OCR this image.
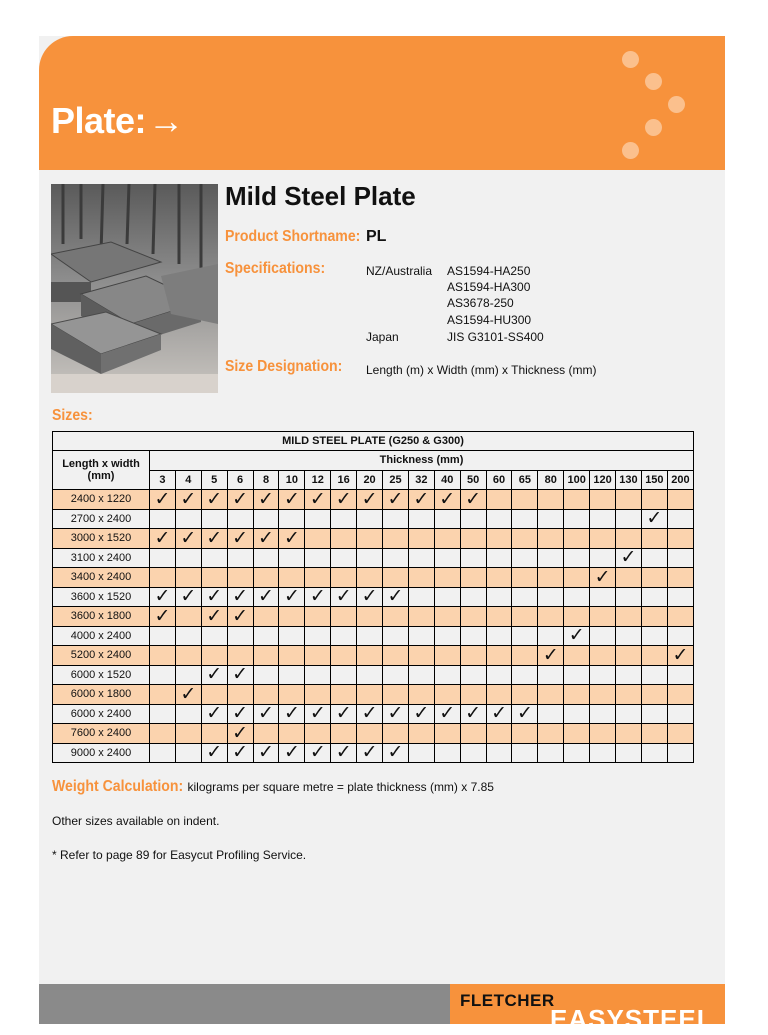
Plate:→
Mild Steel Plate
Product Shortname: PL
Specifications:	NZ/Australia AS1594-HA250
AS1594-HA300
AS3678-250
AS1594-HU300
Japan	JIS G3101-SS400
Size Designation: Length (m) x Width (mm) x Thickness (mm)
Sizes:
MILD STEEL PLATE (G250 & G300)																					

Length x width
(mm)	Thickness (mm)																				
	3	4	5	6	8	10	12	16	20	25	32	40	50	60	65	80	100	120	130	150	200
2400 x 1220	✓	✓	✓	✓	✓	✓	✓	✓	✓	✓	✓	✓	✓								
2700 x 2400																				✓	
3000 x 1520	✓	✓	✓	✓	✓	✓															
3100 x 2400																			✓		
3400 x 2400																		✓			
3600 x 1520	✓	✓	✓	✓	✓	✓	✓	✓	✓	✓											
3600 x 1800	✓		✓	✓																	
4000 x 2400																	✓				
5200 x 2400																✓					✓
6000 x 1520			✓	✓																	
6000 x 1800		✓																			
6000 x 2400			✓	✓	✓	✓	✓	✓	✓	✓	✓	✓	✓	✓	✓						
7600 x 2400				✓																	
9000 x 2400			✓	✓	✓	✓	✓	✓	✓	✓											
Weight Calculation: kilograms per square metre = plate thickness (mm) x 7.85
Other sizes available on indent.
* Refer to page 89 for Easycut Profiling Service.
FLETCHER
EASYSTEEL
